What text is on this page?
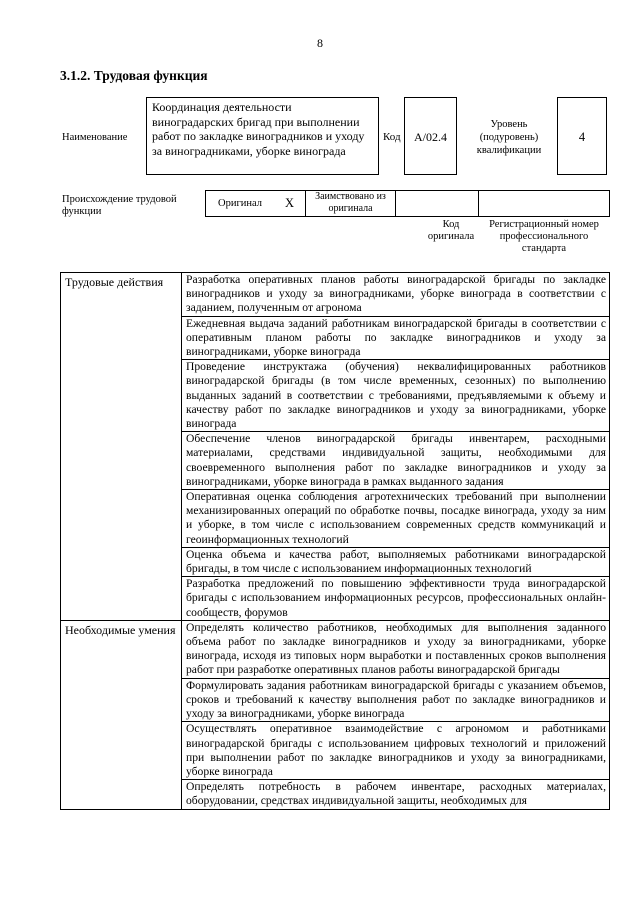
8
3.1.2. Трудовая функция
Наименование
Координация деятельности виноградарских бригад при выполнении работ по закладке виноградников и уходу за виноградниками, уборке винограда
Код	А/02.4
Уровень (подуровень) квалификации
4
Происхождение трудовой функции
Оригинал X	Заимствовано из оригинала
Код оригинала
Регистрационный номер профессионального стандарта
Трудовые действия	Разработка оперативных планов работы виноградарской бригады по закладке виноградников и уходу за виноградниками, уборке винограда в соответствии с заданием, полученным от агронома
	Ежедневная выдача заданий работникам виноградарской бригады в соответствии с оперативным планом работы по закладке виноградников и уходу за виноградниками, уборке винограда
	Проведение инструктажа (обучения) неквалифицированных работников виноградарской бригады (в том числе временных, сезонных) по выполнению выданных заданий в соответствии с требованиями, предъявляемыми к объему и качеству работ по закладке виноградников и уходу за виноградниками, уборке винограда
	Обеспечение членов виноградарской бригады инвентарем, расходными материалами, средствами индивидуальной защиты, необходимыми для своевременного выполнения работ по закладке виноградников и уходу за виноградниками, уборке винограда в рамках выданного задания
	Оперативная оценка соблюдения агротехнических требований при выполнении механизированных операций по обработке почвы, посадке винограда, уходу за ним и уборке, в том числе с использованием современных средств коммуникаций и геоинформационных технологий
	Оценка объема и качества работ, выполняемых работниками виноградарской бригады, в том числе с использованием информационных технологий
	Разработка предложений по повышению эффективности труда виноградарской бригады с использованием информационных ресурсов, профессиональных онлайн-сообществ, форумов
Необходимые умения	Определять количество работников, необходимых для выполнения заданного объема работ по закладке виноградников и уходу за виноградниками, уборке винограда, исходя из типовых норм выработки и поставленных сроков выполнения работ при разработке оперативных планов работы виноградарской бригады
	Формулировать задания работникам виноградарской бригады с указанием объемов, сроков и требований к качеству выполнения работ по закладке виноградников и уходу за виноградниками, уборке винограда
	Осуществлять оперативное взаимодействие с агрономом и работниками виноградарской бригады с использованием цифровых технологий и приложений при выполнении работ по закладке виноградников и уходу за виноградниками, уборке винограда
	Определять потребность в рабочем инвентаре, расходных материалах, оборудовании, средствах индивидуальной защиты, необходимых для
